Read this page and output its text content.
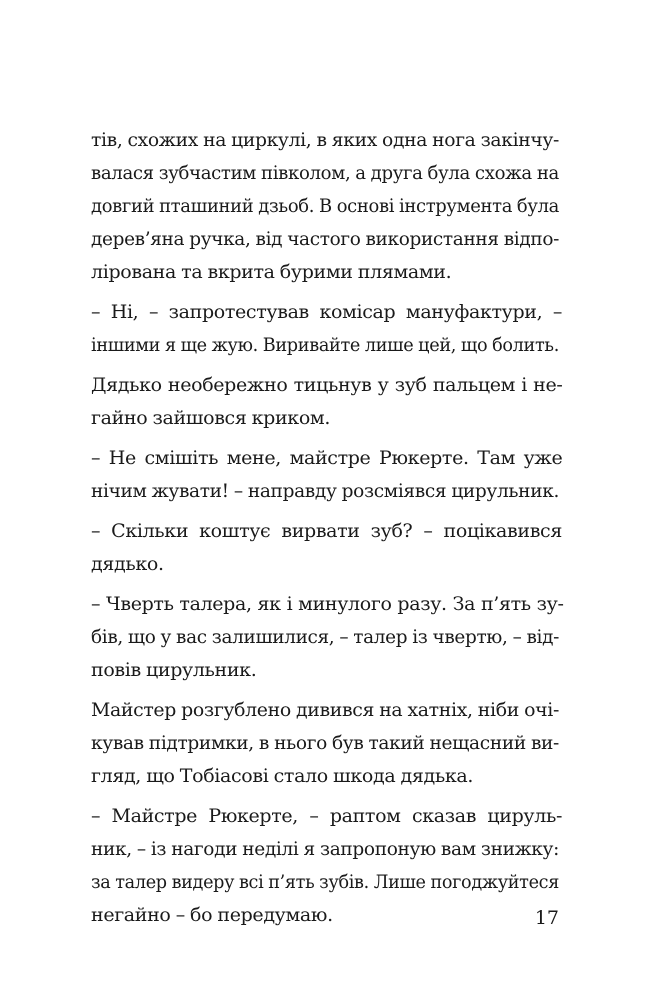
тів, схожих на циркулі, в яких одна нога закінчу-
валася зубчастим півколом, а друга була схожа на
довгий пташиний дзьоб. В основі інструмента була
дерев’яна ручка, від частого використання відпо-
лірована та вкрита бурими плямами.

– Ні, – запротестував комісар мануфактури, –
іншими я ще жую. Виривайте лише цей, що болить.

Дядько необережно тицьнув у зуб пальцем і не-
гайно зайшовся криком.

– Не смішіть мене, майстре Рюкерте. Там уже
нічим жувати! – направду розсміявся цирульник.

– Скільки коштує вирвати зуб? – поцікавився
дядько.

– Чверть талера, як і минулого разу. За п’ять зу-
бів, що у вас залишилися, – талер із чвертю, – від-
повів цирульник.

Майстер розгублено дивився на хатніх, ніби очі-
кував підтримки, в нього був такий нещасний ви-
гляд, що Тобіасові стало шкода дядька.

– Майстре Рюкерте, – раптом сказав цируль-
ник, – із нагоди неділі я запропоную вам знижку:
за талер видеру всі п’ять зубів. Лише погоджуйтеся
негайно – бо передумаю.	17
